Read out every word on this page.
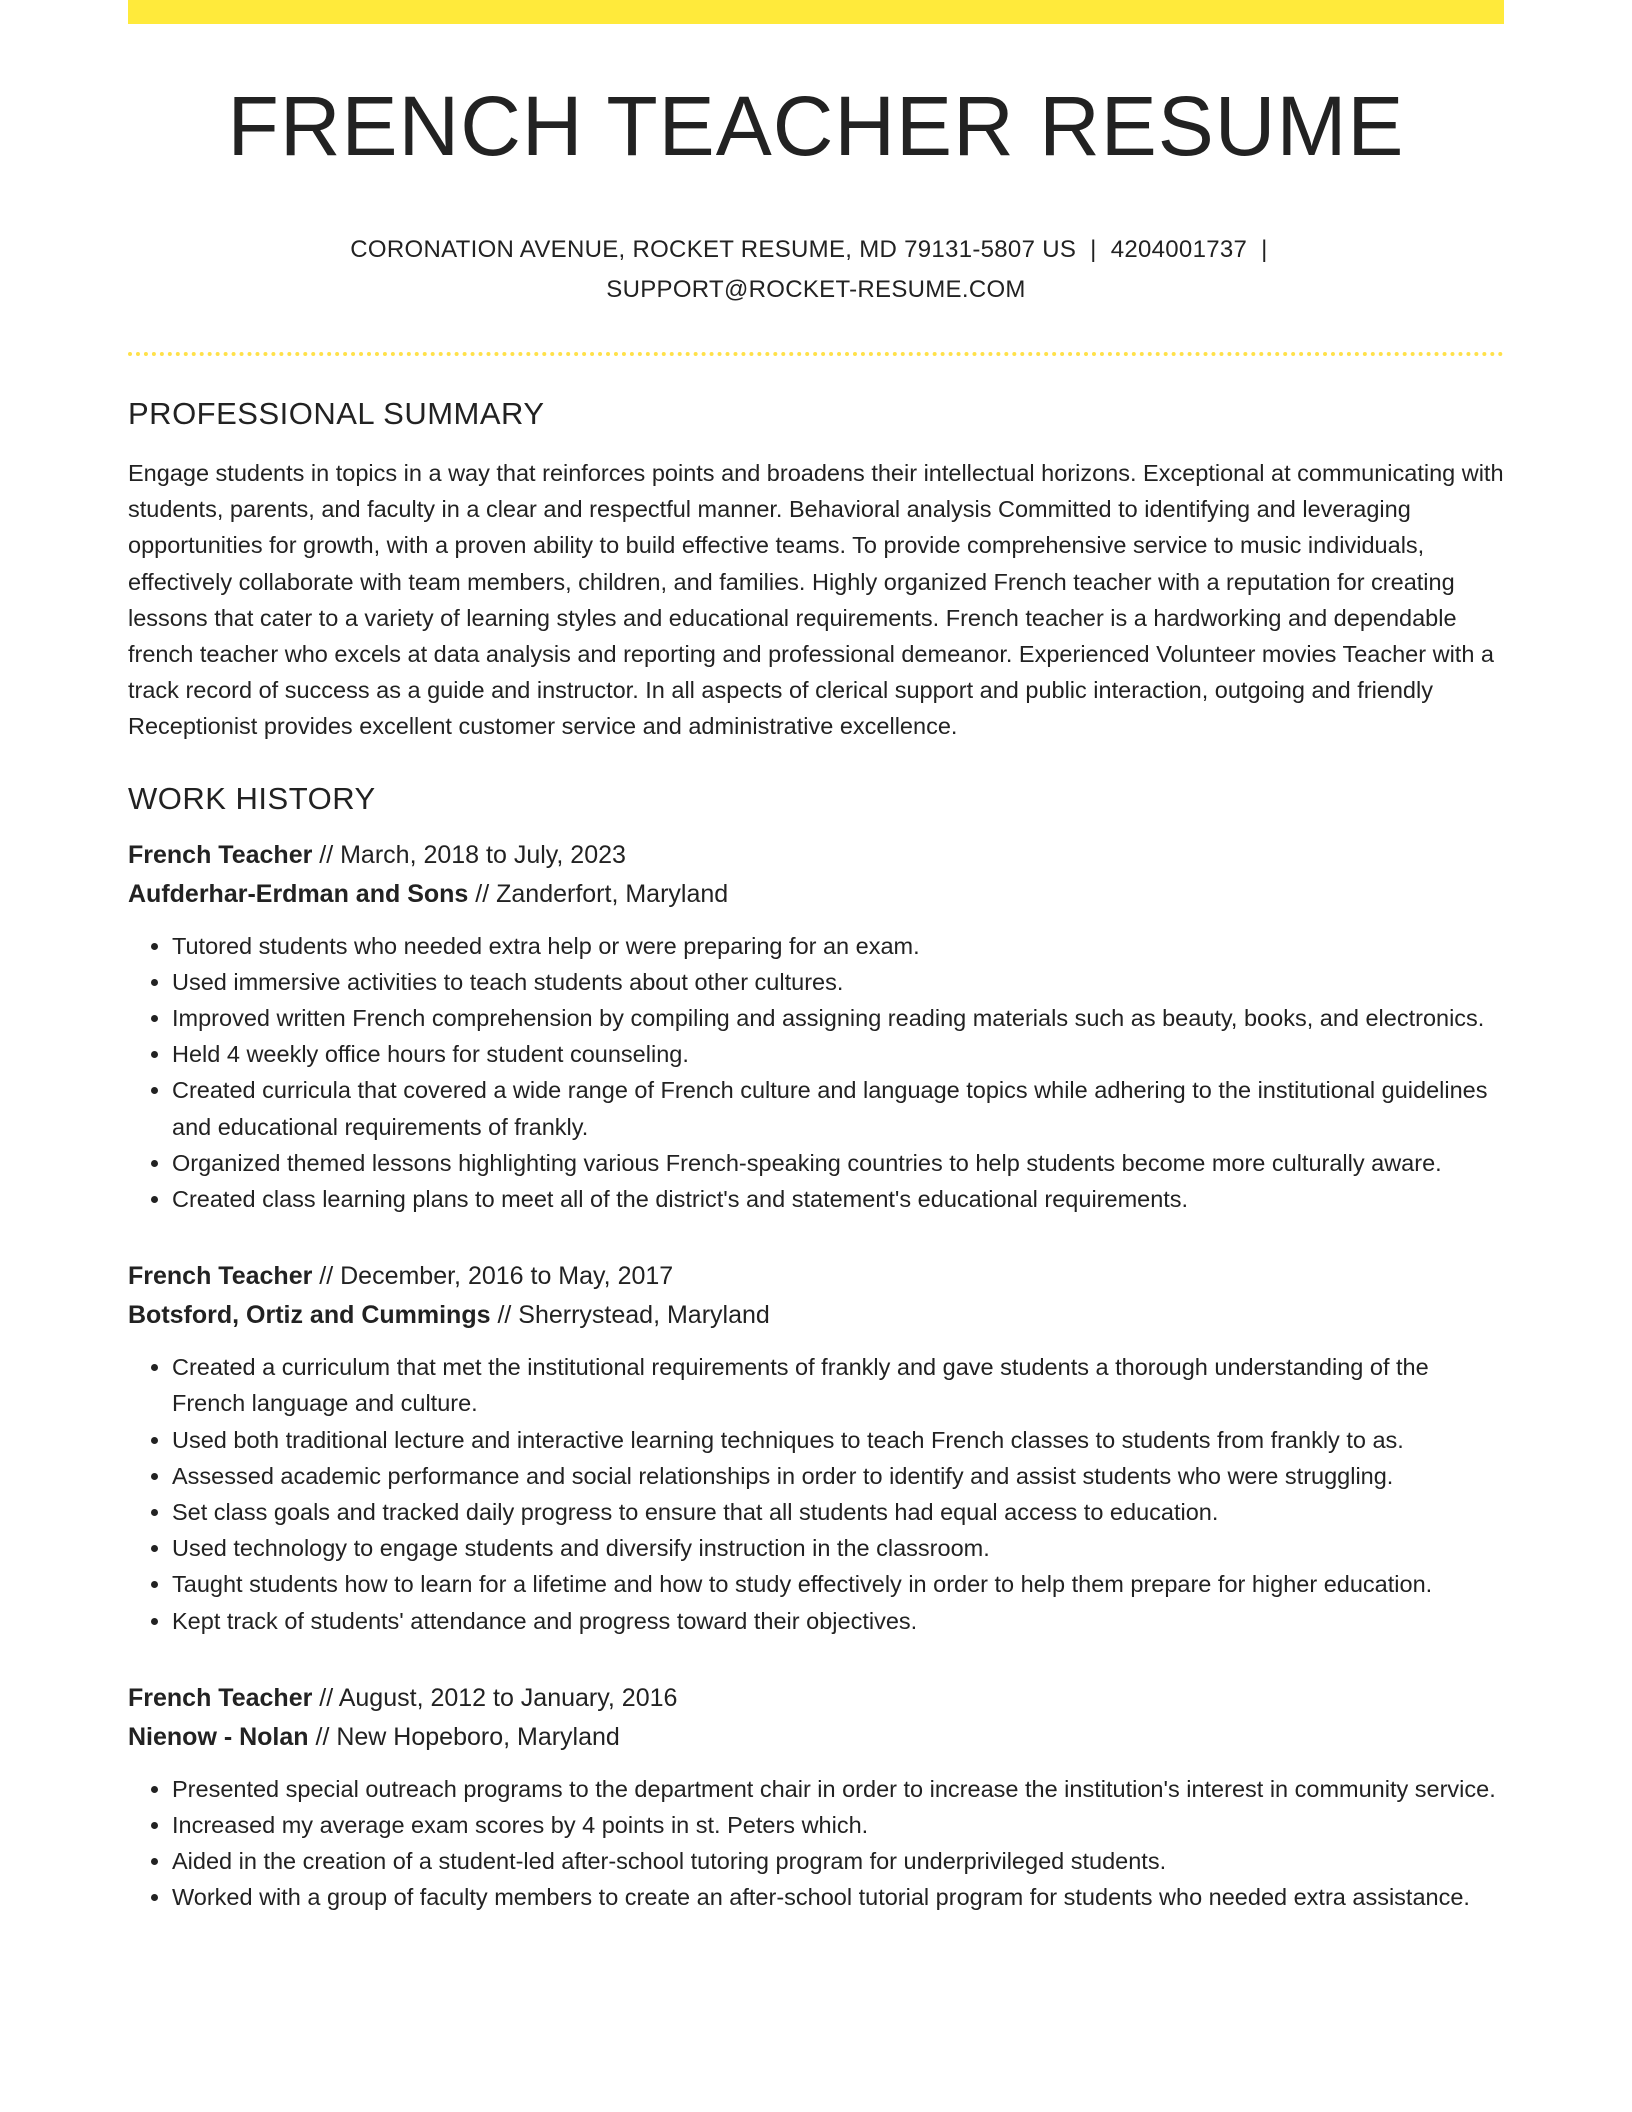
FRENCH TEACHER RESUME
CORONATION AVENUE, ROCKET RESUME, MD 79131-5807 US | 4204001737 |
SUPPORT@ROCKET-RESUME.COM
PROFESSIONAL SUMMARY

Engage students in topics in a way that reinforces points and broadens their intellectual horizons. Exceptional at communicating with students, parents, and faculty in a clear and respectful manner. Behavioral analysis Committed to identifying and leveraging opportunities for growth, with a proven ability to build effective teams. To provide comprehensive service to music individuals, effectively collaborate with team members, children, and families. Highly organized French teacher with a reputation for creating lessons that cater to a variety of learning styles and educational requirements. French teacher is a hardworking and dependable french teacher who excels at data analysis and reporting and professional demeanor. Experienced Volunteer movies Teacher with a track record of success as a guide and instructor. In all aspects of clerical support and public interaction, outgoing and friendly Receptionist provides excellent customer service and administrative excellence.

WORK HISTORY
French Teacher // March, 2018 to July, 2023
Aufderhar-Erdman and Sons // Zanderfort, Maryland
• Tutored students who needed extra help or were preparing for an exam.
• Used immersive activities to teach students about other cultures.
• Improved written French comprehension by compiling and assigning reading materials such as beauty, books, and electronics.
• Held 4 weekly office hours for student counseling.
• Created curricula that covered a wide range of French culture and language topics while adhering to the institutional guidelines and educational requirements of frankly.
• Organized themed lessons highlighting various French-speaking countries to help students become more culturally aware.
• Created class learning plans to meet all of the district's and statement's educational requirements.
French Teacher // December, 2016 to May, 2017
Botsford, Ortiz and Cummings // Sherrystead, Maryland
• Created a curriculum that met the institutional requirements of frankly and gave students a thorough understanding of the French language and culture.
• Used both traditional lecture and interactive learning techniques to teach French classes to students from frankly to as.
• Assessed academic performance and social relationships in order to identify and assist students who were struggling.
• Set class goals and tracked daily progress to ensure that all students had equal access to education.
• Used technology to engage students and diversify instruction in the classroom.
• Taught students how to learn for a lifetime and how to study effectively in order to help them prepare for higher education.
• Kept track of students' attendance and progress toward their objectives.
French Teacher // August, 2012 to January, 2016
Nienow - Nolan // New Hopeboro, Maryland
• Presented special outreach programs to the department chair in order to increase the institution's interest in community service.
• Increased my average exam scores by 4 points in st. Peters which.
• Aided in the creation of a student-led after-school tutoring program for underprivileged students.
• Worked with a group of faculty members to create an after-school tutorial program for students who needed extra assistance.
